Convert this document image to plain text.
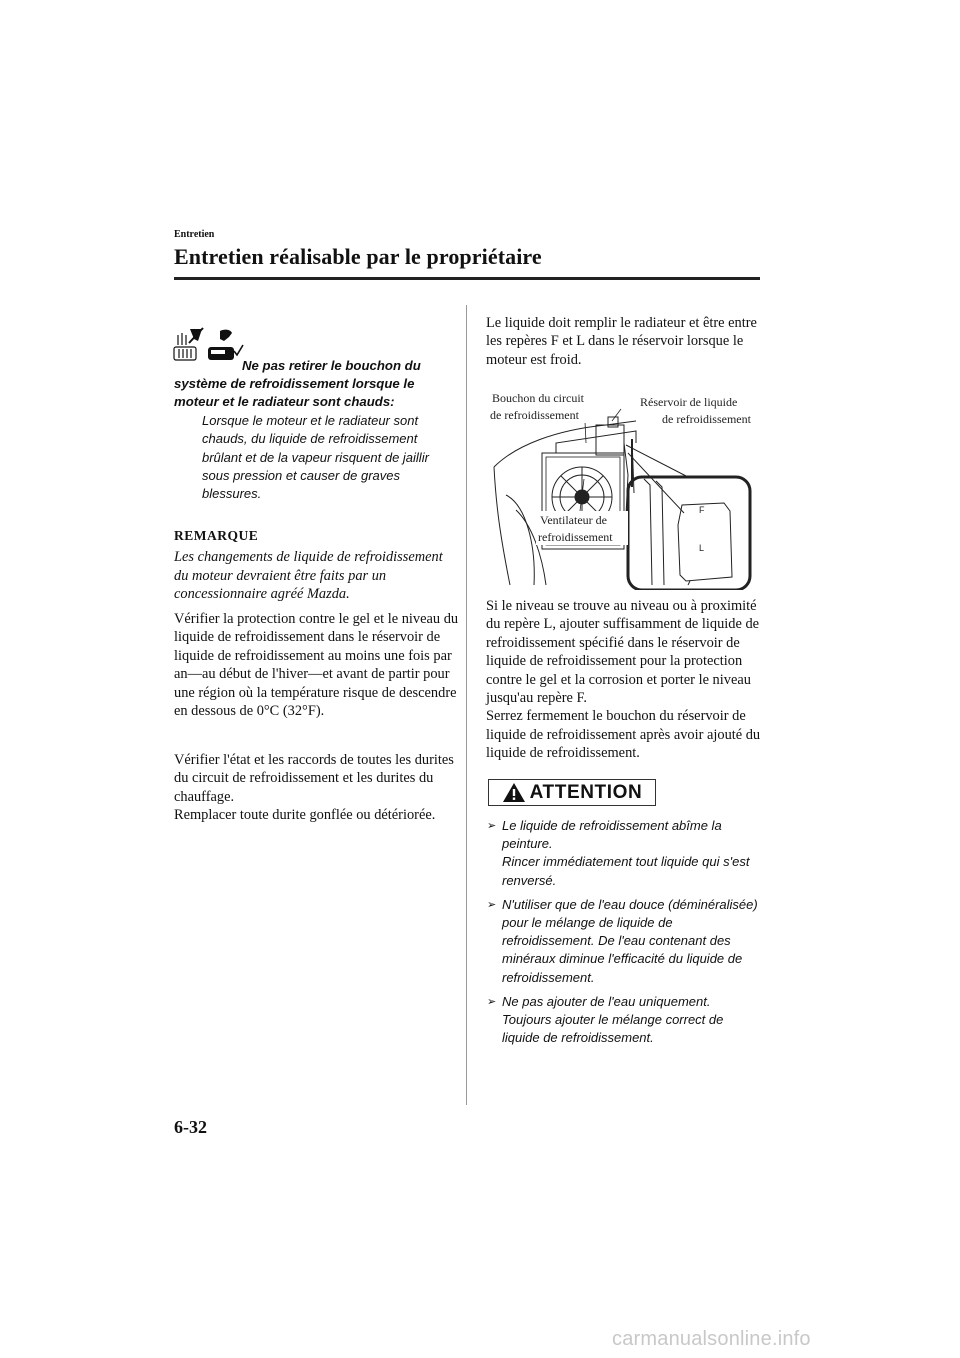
Entretien
Entretien réalisable par le propriétaire
Ne pas retirer le bouchon du système de refroidissement lorsque le moteur et le radiateur sont chauds:
Lorsque le moteur et le radiateur sont chauds, du liquide de refroidissement brûlant et de la vapeur risquent de jaillir sous pression et causer de graves blessures.
REMARQUE
Les changements de liquide de refroidissement du moteur devraient être faits par un concessionnaire agréé Mazda.
Vérifier la protection contre le gel et le niveau du liquide de refroidissement dans le réservoir de liquide de refroidissement au moins une fois par an—au début de l'hiver—et avant de partir pour une région où la température risque de descendre en dessous de 0°C (32°F).
Vérifier l'état et les raccords de toutes les durites du circuit de refroidissement et les durites du chauffage.
Remplacer toute durite gonflée ou détériorée.
Le liquide doit remplir le radiateur et être entre les repères F et L dans le réservoir lorsque le moteur est froid.
F
L
Bouchon du circuit
de refroidissement
Réservoir de liquide
de refroidissement
Ventilateur de
refroidissement
Si le niveau se trouve au niveau ou à proximité du repère L, ajouter suffisamment de liquide de refroidissement spécifié dans le réservoir de liquide de refroidissement pour la protection contre le gel et la corrosion et porter le niveau jusqu'au repère F.
Serrez fermement le bouchon du réservoir de liquide de refroidissement après avoir ajouté du liquide de refroidissement.
ATTENTION
➢ Le liquide de refroidissement abîme la peinture.
Rincer immédiatement tout liquide qui s'est renversé.
➢ N'utiliser que de l'eau douce (déminéralisée) pour le mélange de liquide de refroidissement. De l'eau contenant des minéraux diminue l'efficacité du liquide de refroidissement.
➢ Ne pas ajouter de l'eau uniquement. Toujours ajouter le mélange correct de liquide de refroidissement.
6-32
carmanualsonline.info
